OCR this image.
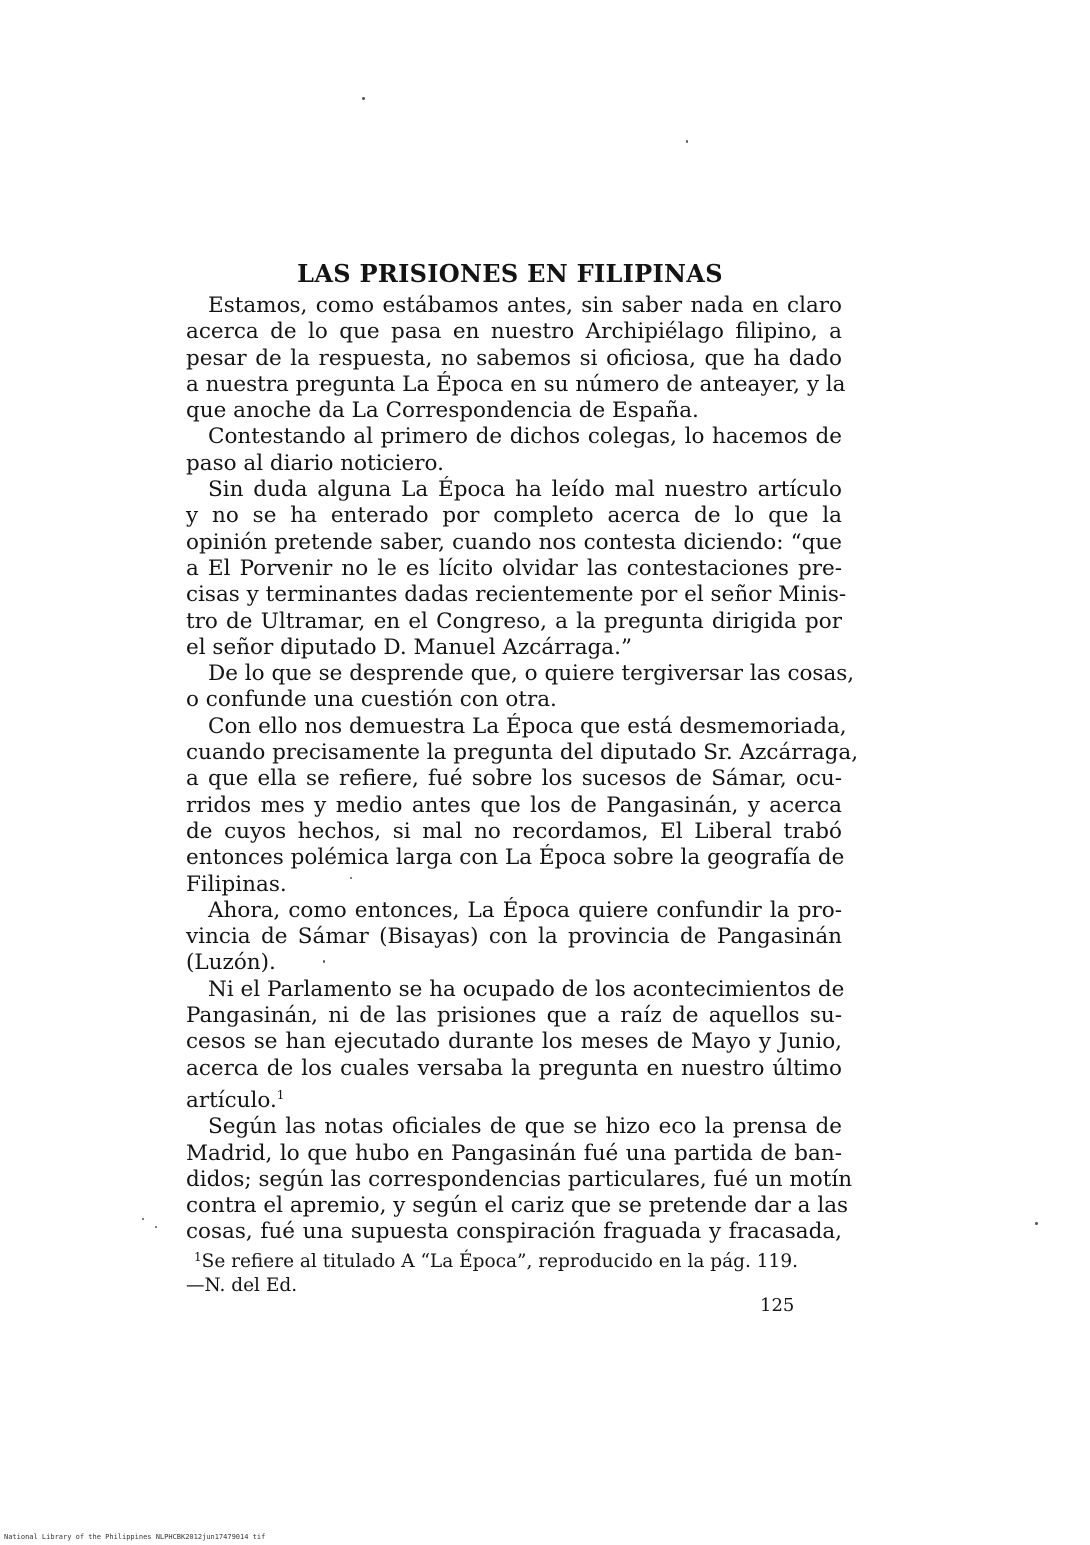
LAS PRISIONES EN FILIPINAS
Estamos, como estábamos antes, sin saber nada en claro
acerca de lo que pasa en nuestro Archipiélago filipino, a
pesar de la respuesta, no sabemos si oficiosa, que ha dado
a nuestra pregunta La Época en su número de anteayer, y la
que anoche da La Correspondencia de España.
Contestando al primero de dichos colegas, lo hacemos de
paso al diario noticiero.
Sin duda alguna La Época ha leído mal nuestro artículo
y no se ha enterado por completo acerca de lo que la
opinión pretende saber, cuando nos contesta diciendo: “que
a El Porvenir no le es lícito olvidar las contestaciones pre-
cisas y terminantes dadas recientemente por el señor Minis-
tro de Ultramar, en el Congreso, a la pregunta dirigida por
el señor diputado D. Manuel Azcárraga.”
De lo que se desprende que, o quiere tergiversar las cosas,
o confunde una cuestión con otra.
Con ello nos demuestra La Época que está desmemoriada,
cuando precisamente la pregunta del diputado Sr. Azcárraga,
a que ella se refiere, fué sobre los sucesos de Sámar, ocu-
rridos mes y medio antes que los de Pangasinán, y acerca
de cuyos hechos, si mal no recordamos, El Liberal trabó
entonces polémica larga con La Época sobre la geografía de
Filipinas.
Ahora, como entonces, La Época quiere confundir la pro-
vincia de Sámar (Bisayas) con la provincia de Pangasinán
(Luzón).
Ni el Parlamento se ha ocupado de los acontecimientos de
Pangasinán, ni de las prisiones que a raíz de aquellos su-
cesos se han ejecutado durante los meses de Mayo y Junio,
acerca de los cuales versaba la pregunta en nuestro último
artículo.$^1$
Según las notas oficiales de que se hizo eco la prensa de
Madrid, lo que hubo en Pangasinán fué una partida de ban-
didos; según las correspondencias particulares, fué un motín
contra el apremio, y según el cariz que se pretende dar a las
cosas, fué una supuesta conspiración fraguada y fracasada,
$^1$Se refiere al titulado A “La Época”, reproducido en la pág. 119.
—N. del Ed.
125
National Library of the Philippines NLPHCBK2012jun17479014 tif
